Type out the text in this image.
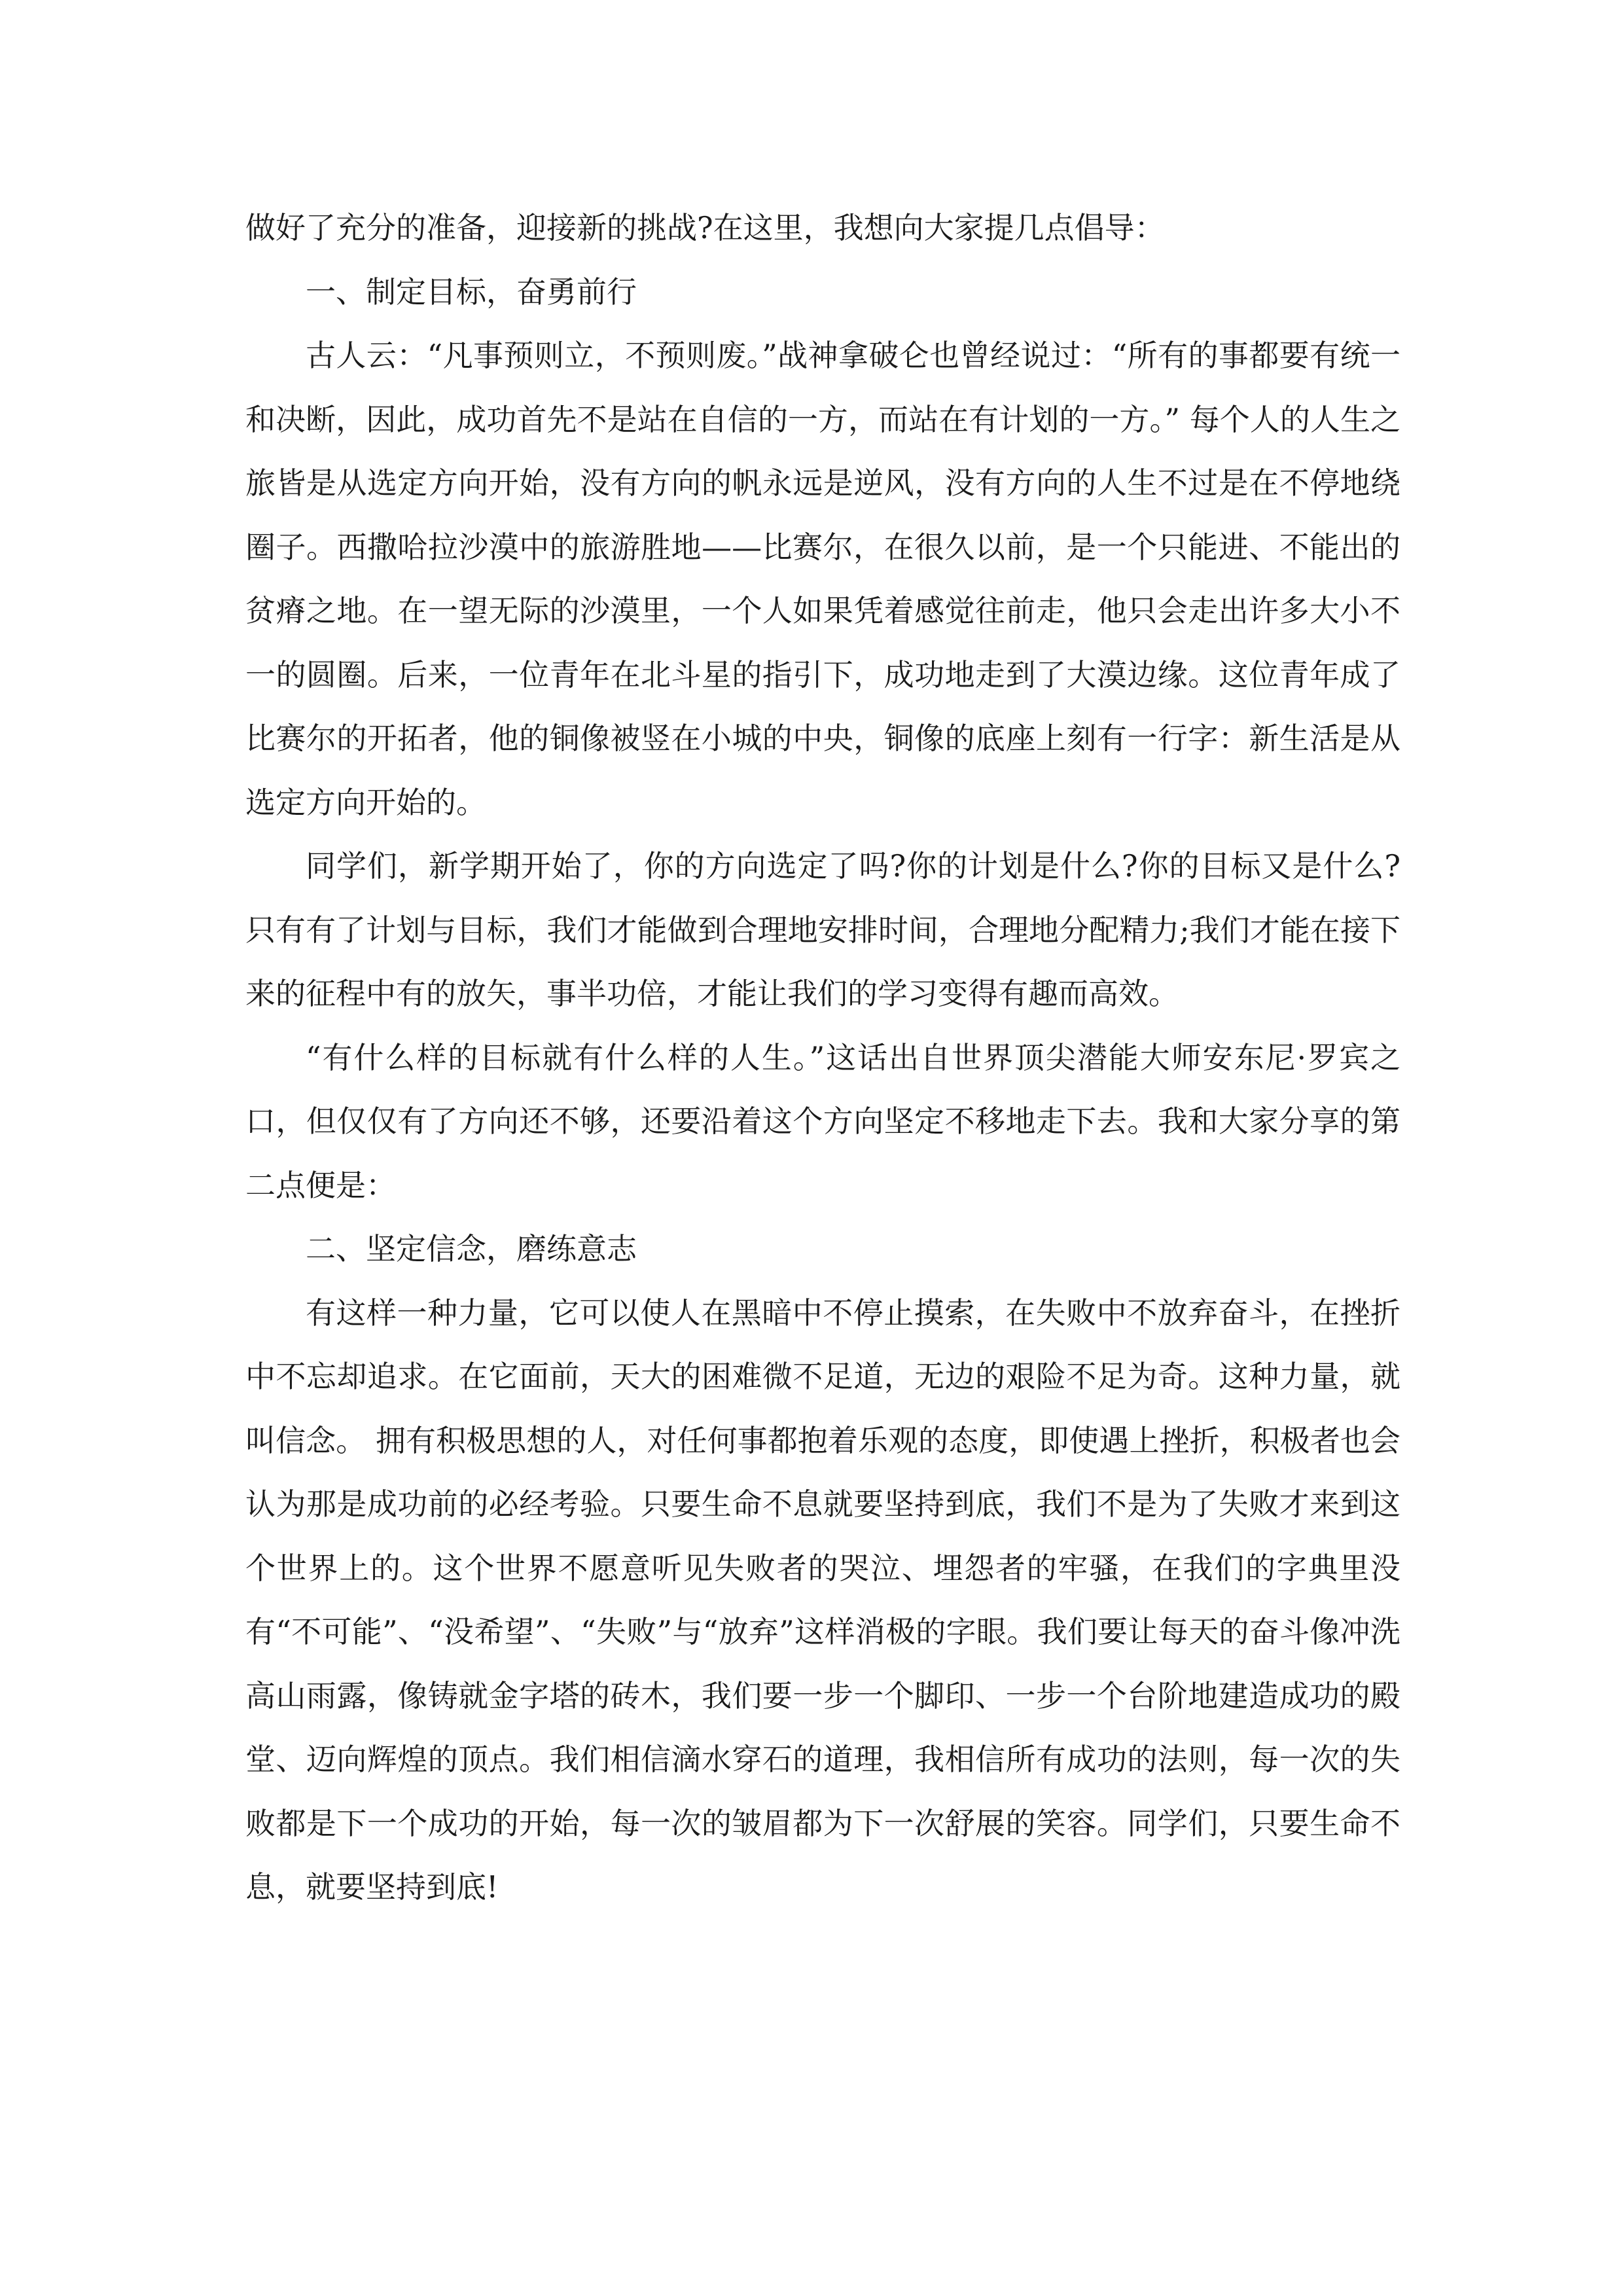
做好了充分的准备，迎接新的挑战?在这里，我想向大家提几点倡导：

一、制定目标，奋勇前行

古人云：“凡事预则立，不预则废。”战神拿破仑也曾经说过：“所有的事都要有统一和决断，因此，成功首先不是站在自信的一方，而站在有计划的一方。” 每个人的人生之旅皆是从选定方向开始，没有方向的帆永远是逆风，没有方向的人生不过是在不停地绕圈子。西撒哈拉沙漠中的旅游胜地——比赛尔，在很久以前，是一个只能进、不能出的贫瘠之地。在一望无际的沙漠里，一个人如果凭着感觉往前走，他只会走出许多大小不一的圆圈。后来，一位青年在北斗星的指引下，成功地走到了大漠边缘。这位青年成了比赛尔的开拓者，他的铜像被竖在小城的中央，铜像的底座上刻有一行字：新生活是从选定方向开始的。

同学们，新学期开始了，你的方向选定了吗?你的计划是什么?你的目标又是什么?只有有了计划与目标，我们才能做到合理地安排时间，合理地分配精力;我们才能在接下来的征程中有的放矢，事半功倍，才能让我们的学习变得有趣而高效。

“有什么样的目标就有什么样的人生。”这话出自世界顶尖潜能大师安东尼·罗宾之口，但仅仅有了方向还不够，还要沿着这个方向坚定不移地走下去。我和大家分享的第二点便是：

二、坚定信念，磨练意志

有这样一种力量，它可以使人在黑暗中不停止摸索，在失败中不放弃奋斗，在挫折中不忘却追求。在它面前，天大的困难微不足道，无边的艰险不足为奇。这种力量，就叫信念。 拥有积极思想的人，对任何事都抱着乐观的态度，即使遇上挫折，积极者也会认为那是成功前的必经考验。只要生命不息就要坚持到底，我们不是为了失败才来到这个世界上的。这个世界不愿意听见失败者的哭泣、埋怨者的牢骚，在我们的字典里没有“不可能”、“没希望”、“失败”与“放弃”这样消极的字眼。我们要让每天的奋斗像冲洗高山雨露，像铸就金字塔的砖木，我们要一步一个脚印、一步一个台阶地建造成功的殿堂、迈向辉煌的顶点。我们相信滴水穿石的道理，我相信所有成功的法则，每一次的失败都是下一个成功的开始，每一次的皱眉都为下一次舒展的笑容。同学们，只要生命不息，就要坚持到底!
